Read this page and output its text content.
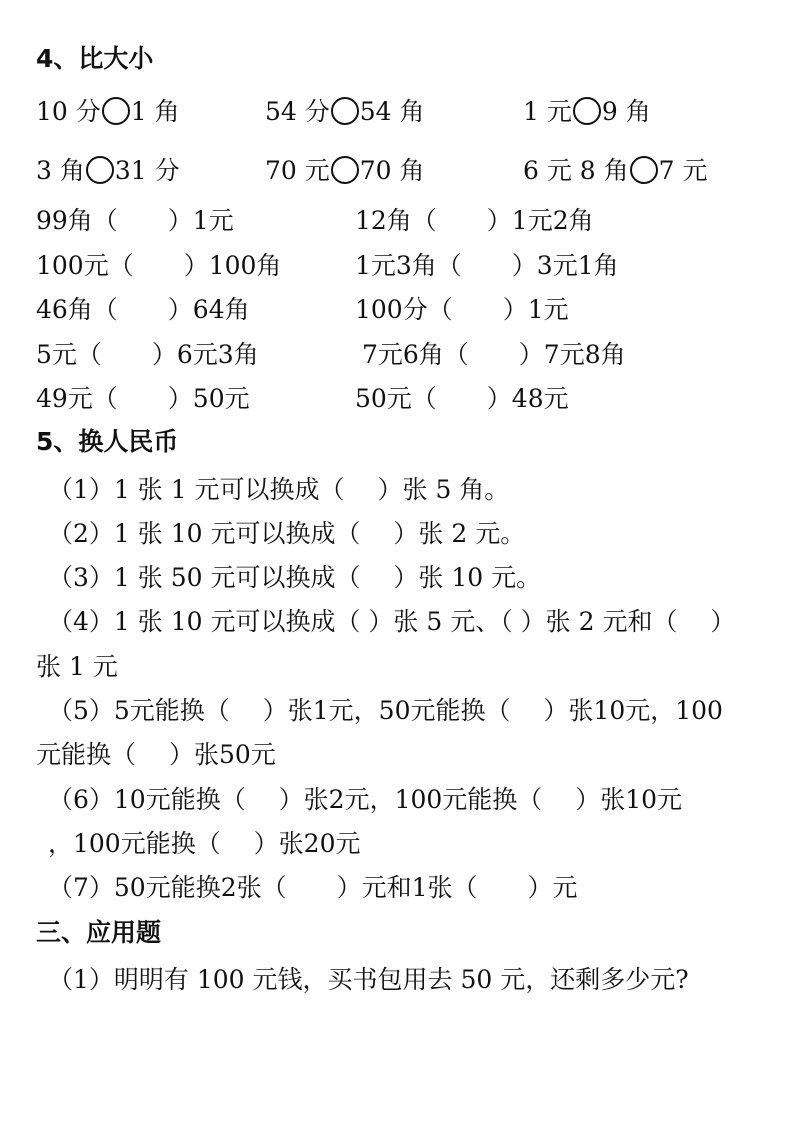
4、比大小

10 分 1 角

	54 分 54 角

	1 元 9 角

3 角 31 分

	70 元 70 角

	6 元 8 角 7 元

99角（　　）1元

	12角（　　）1元2角

100元（　　）100角

	1元3角（　　）3元1角

46角（　　）64角

	100分（　　）1元

5元（　　）6元3角

	7元6角（　　）7元8角

49元（　　）50元

	50元（　　）48元

5、换人民币
（1）1 张 1 元可以换成（　 ）张 5 角。
（2）1 张 10 元可以换成（　 ）张 2 元。
（3）1 张 50 元可以换成（　 ）张 10 元。
（4）1 张 10 元可以换成（ ）张 5 元、（ ）张 2 元和（　 ）
张 1 元
（5）5元能换（　 ）张1元，50元能换（　 ）张10元，100
元能换（　 ）张50元
（6）10元能换（　 ）张2元，100元能换（　 ）张10元
，100元能换（　 ）张20元
（7）50元能换2张（　　）元和1张（　　）元
三、应用题
（1）明明有 100 元钱，买书包用去 50 元，还剩多少元?
